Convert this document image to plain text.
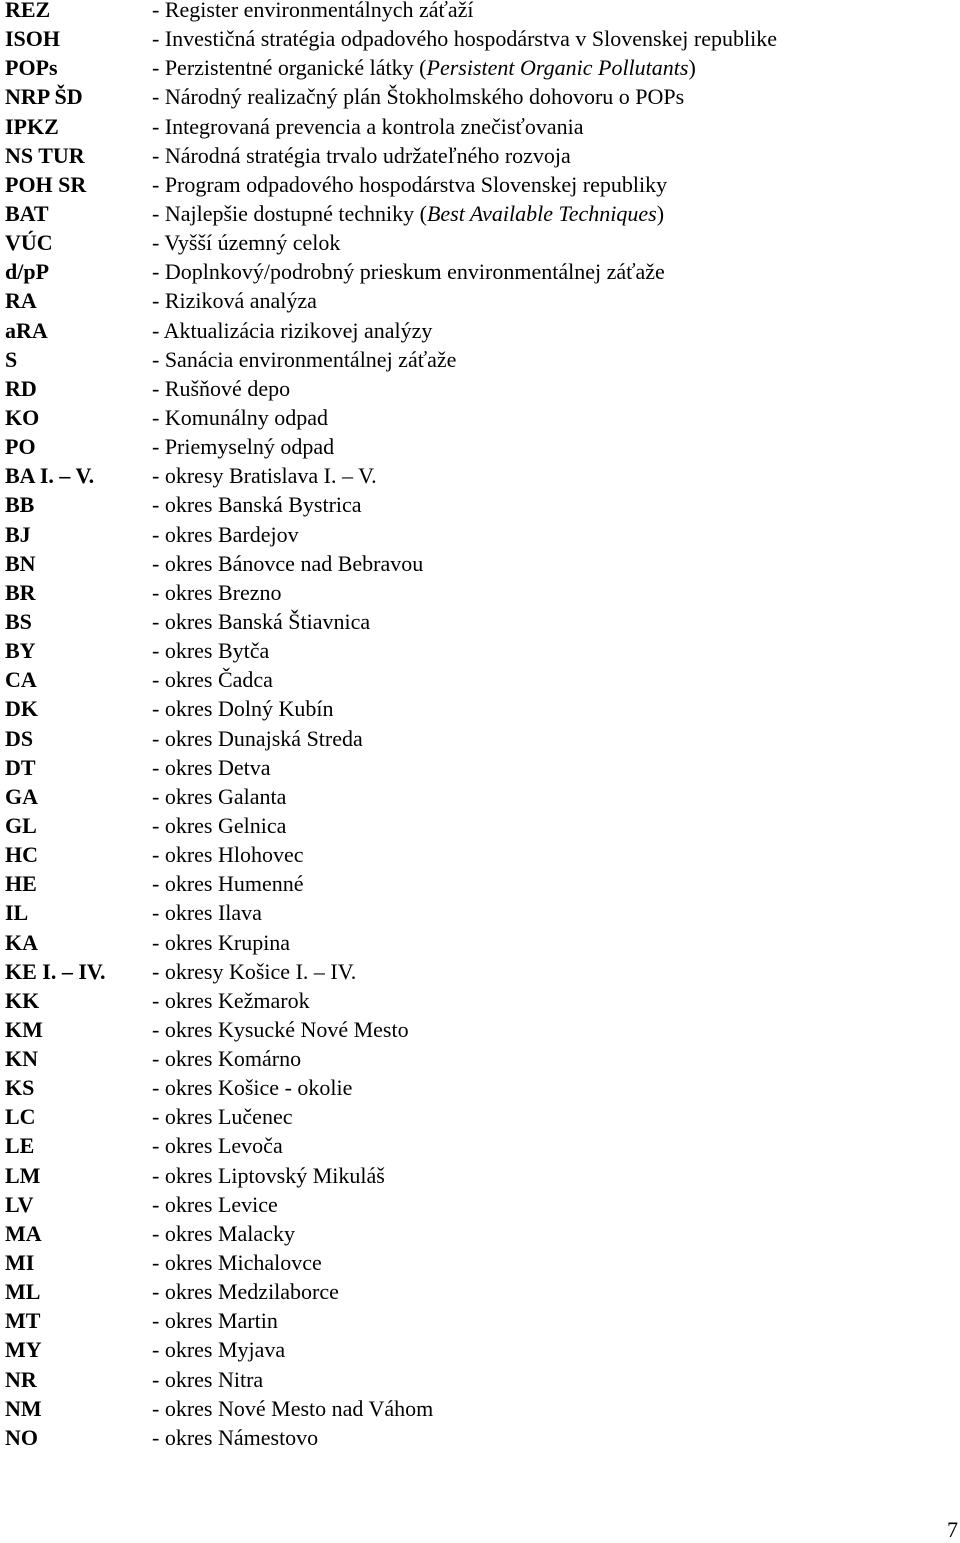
REZ	- Register environmentálnych záťaží
ISOH	- Investičná stratégia odpadového hospodárstva v Slovenskej republike
POPs	- Perzistentné organické látky (Persistent Organic Pollutants)
NRP ŠD	- Národný realizačný plán Štokholmského dohovoru o POPs
IPKZ	- Integrovaná prevencia a kontrola znečisťovania
NS TUR	- Národná stratégia trvalo udržateľného rozvoja
POH SR	- Program odpadového hospodárstva Slovenskej republiky
BAT	- Najlepšie dostupné techniky (Best Available Techniques)
VÚC	- Vyšší územný celok
d/pP	- Doplnkový/podrobný prieskum environmentálnej záťaže
RA	- Riziková analýza
aRA	- Aktualizácia rizikovej analýzy
S	- Sanácia environmentálnej záťaže
RD	- Rušňové depo
KO	- Komunálny odpad
PO	- Priemyselný odpad
BA I. – V.	- okresy Bratislava I. – V.
BB	- okres Banská Bystrica
BJ	- okres Bardejov
BN	- okres Bánovce nad Bebravou
BR	- okres Brezno
BS	- okres Banská Štiavnica
BY	- okres Bytča
CA	- okres Čadca
DK	- okres Dolný Kubín
DS	- okres Dunajská Streda
DT	- okres Detva
GA	- okres Galanta
GL	- okres Gelnica
HC	- okres Hlohovec
HE	- okres Humenné
IL	- okres Ilava
KA	- okres Krupina
KE I. – IV. - okresy Košice I. – IV.
KK	- okres Kežmarok
KM	- okres Kysucké Nové Mesto
KN	- okres Komárno
KS	- okres Košice - okolie
LC	- okres Lučenec
LE	- okres Levoča
LM	- okres Liptovský Mikuláš
LV	- okres Levice
MA	- okres Malacky
MI	- okres Michalovce
ML	- okres Medzilaborce
MT	- okres Martin
MY	- okres Myjava
NR	- okres Nitra
NM	- okres Nové Mesto nad Váhom
NO	- okres Námestovo
7
